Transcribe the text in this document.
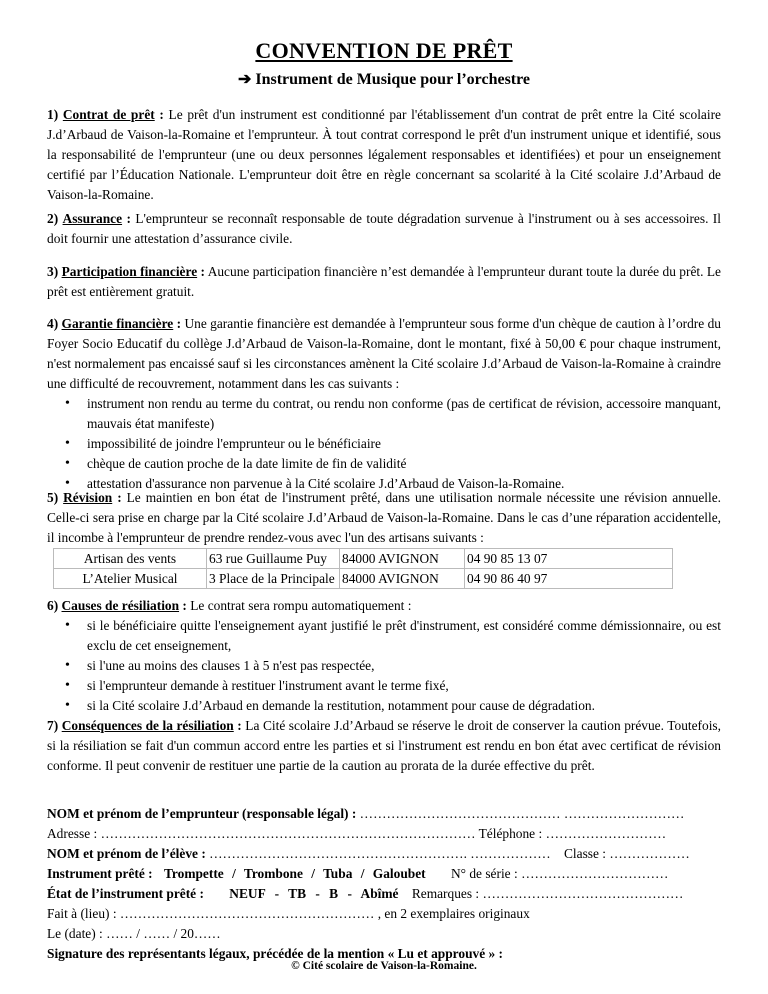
CONVENTION DE PRÊT
➔ Instrument de Musique pour l’orchestre
1) Contrat de prêt : Le prêt d'un instrument est conditionné par l'établissement d'un contrat de prêt entre la Cité scolaire J.d’Arbaud de Vaison-la-Romaine et l'emprunteur. À tout contrat correspond le prêt d'un instrument unique et identifié, sous la responsabilité de l'emprunteur (une ou deux personnes légalement responsables et identifiées) et pour un enseignement certifié par l’Éducation Nationale. L'emprunteur doit être en règle concernant sa scolarité à la Cité scolaire J.d’Arbaud de Vaison-la-Romaine.
2) Assurance : L'emprunteur se reconnaît responsable de toute dégradation survenue à l'instrument ou à ses accessoires. Il doit fournir une attestation d’assurance civile.
3) Participation financière : Aucune participation financière n’est demandée à l'emprunteur durant toute la durée du prêt. Le prêt est entièrement gratuit.
4) Garantie financière : Une garantie financière est demandée à l'emprunteur sous forme d'un chèque de caution à l’ordre du Foyer Socio Educatif du collège J.d’Arbaud de Vaison-la-Romaine, dont le montant, fixé à 50,00 € pour chaque instrument, n'est normalement pas encaissé sauf si les circonstances amènent la Cité scolaire J.d’Arbaud de Vaison-la-Romaine à craindre une difficulté de recouvrement, notamment dans les cas suivants :
• instrument non rendu au terme du contrat, ou rendu non conforme (pas de certificat de révision, accessoire manquant, mauvais état manifeste)
• impossibilité de joindre l'emprunteur ou le bénéficiaire
• chèque de caution proche de la date limite de fin de validité
• attestation d'assurance non parvenue à la Cité scolaire J.d’Arbaud de Vaison-la-Romaine.
5) Révision : Le maintien en bon état de l'instrument prêté, dans une utilisation normale nécessite une révision annuelle. Celle-ci sera prise en charge par la Cité scolaire J.d’Arbaud de Vaison-la-Romaine. Dans le cas d’une réparation accidentelle, il incombe à l'emprunteur de prendre rendez-vous avec l'un des artisans suivants :
Artisan des vents	63 rue Guillaume Puy	84000 AVIGNON	04 90 85 13 07
L’Atelier Musical	3 Place de la Principale	84000 AVIGNON	04 90 86 40 97
6) Causes de résiliation : Le contrat sera rompu automatiquement :
• si le bénéficiaire quitte l'enseignement ayant justifié le prêt d'instrument, est considéré comme démissionnaire, ou est exclu de cet enseignement,
• si l'une au moins des clauses 1 à 5 n'est pas respectée,
• si l'emprunteur demande à restituer l'instrument avant le terme fixé,
• si la Cité scolaire J.d’Arbaud en demande la restitution, notamment pour cause de dégradation.
7) Conséquences de la résiliation : La Cité scolaire J.d’Arbaud se réserve le droit de conserver la caution prévue. Toutefois, si la résiliation se fait d'un commun accord entre les parties et si l'instrument est rendu en bon état avec certificat de révision conforme. Il peut convenir de restituer une partie de la caution au prorata de la durée effective du prêt.
NOM et prénom de l’emprunteur (responsable légal) : ……………………………………… ………………………
Adresse : ………………………………………………………………………… Téléphone : ………………………
NOM et prénom de l’élève : …………………………………………………. ……………… Classe : ………………
Instrument prêté : Trompette / Trombone / Tuba / Galoubet N° de série : ……………………………
État de l’instrument prêté : NEUF - TB - B - Abîmé Remarques : ………………………………………
Fait à (lieu) : ………………………………………………… , en 2 exemplaires originaux
Le (date) : …… / …… / 20……
Signature des représentants légaux, précédée de la mention « Lu et approuvé » :
© Cité scolaire de Vaison-la-Romaine.
